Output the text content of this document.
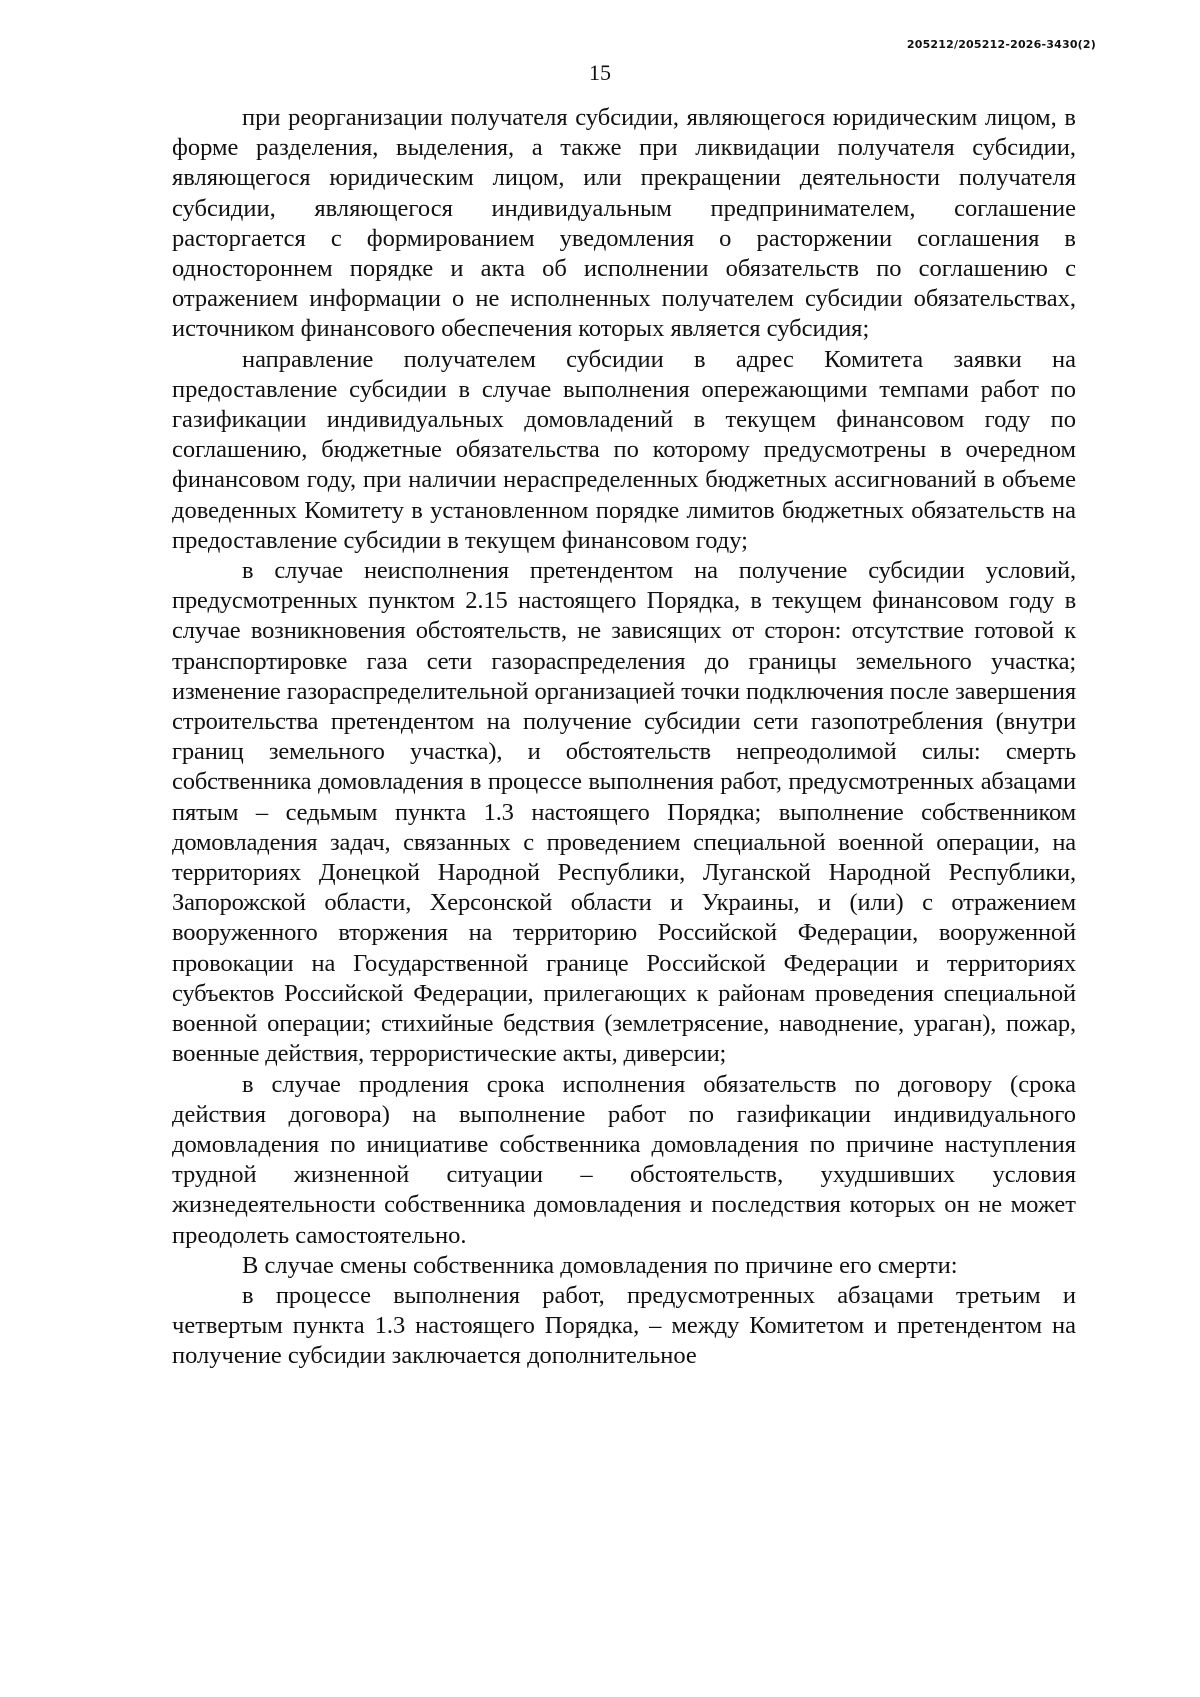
205212/205212-2026-3430(2)
15

при реорганизации получателя субсидии, являющегося юридическим лицом, в форме разделения, выделения, а также при ликвидации получателя субсидии, являющегося юридическим лицом, или прекращении деятельности получателя субсидии, являющегося индивидуальным предпринимателем, соглашение расторгается с формированием уведомления о расторжении соглашения в одностороннем порядке и акта об исполнении обязательств по соглашению с отражением информации о не исполненных получателем субсидии обязательствах, источником финансового обеспечения которых является субсидия;

направление получателем субсидии в адрес Комитета заявки на предоставление субсидии в случае выполнения опережающими темпами работ по газификации индивидуальных домовладений в текущем финансовом году по соглашению, бюджетные обязательства по которому предусмотрены в очередном финансовом году, при наличии нераспределенных бюджетных ассигнований в объеме доведенных Комитету в установленном порядке лимитов бюджетных обязательств на предоставление субсидии в текущем финансовом году;

в случае неисполнения претендентом на получение субсидии условий, предусмотренных пунктом 2.15 настоящего Порядка, в текущем финансовом году в случае возникновения обстоятельств, не зависящих от сторон: отсутствие готовой к транспортировке газа сети газораспределения до границы земельного участка; изменение газораспределительной организацией точки подключения после завершения строительства претендентом на получение субсидии сети газопотребления (внутри границ земельного участка), и обстоятельств непреодолимой силы: смерть собственника домовладения в процессе выполнения работ, предусмотренных абзацами пятым – седьмым пункта 1.3 настоящего Порядка; выполнение собственником домовладения задач, связанных с проведением специальной военной операции, на территориях Донецкой Народной Республики, Луганской Народной Республики, Запорожской области, Херсонской области и Украины, и (или) с отражением вооруженного вторжения на территорию Российской Федерации, вооруженной провокации на Государственной границе Российской Федерации и территориях субъектов Российской Федерации, прилегающих к районам проведения специальной военной операции; стихийные бедствия (землетрясение, наводнение, ураган), пожар, военные действия, террористические акты, диверсии;

в случае продления срока исполнения обязательств по договору (срока действия договора) на выполнение работ по газификации индивидуального домовладения по инициативе собственника домовладения по причине наступления трудной жизненной ситуации – обстоятельств, ухудшивших условия жизнедеятельности собственника домовладения и последствия которых он не может преодолеть самостоятельно.

В случае смены собственника домовладения по причине его смерти:

в процессе выполнения работ, предусмотренных абзацами третьим и четвертым пункта 1.3 настоящего Порядка, – между Комитетом и претендентом на получение субсидии заключается дополнительное
